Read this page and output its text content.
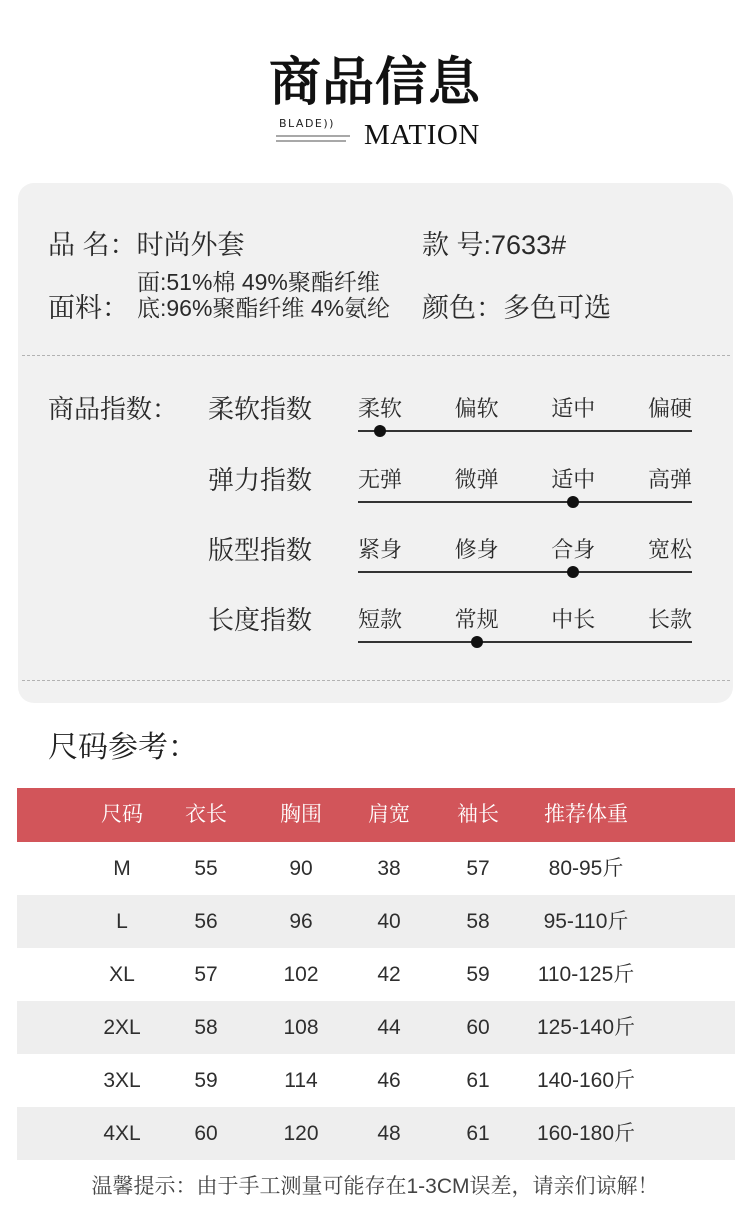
商品信息
BLADE)) MATION
品 名：时尚外套	款 号:7633#
面料：
面:51%棉 49%聚酯纤维
底:96%聚酯纤维 4%氨纶 颜色：多色可选
商品指数： 柔软指数	柔软	偏软	适中	偏硬
弹力指数	无弹	微弹	适中	高弹
版型指数	紧身	修身	合身	宽松
长度指数	短款	常规	中长	长款
尺码参考：
尺码	衣长	胸围	肩宽	袖长	推荐体重
M	55	90	38	57	80-95斤
L	56	96	40	58	95-110斤
XL	57	102	42	59	110-125斤
2XL	58	108	44	60	125-140斤
3XL	59	114	46	61	140-160斤
4XL	60	120	48	61	160-180斤
温馨提示：由于手工测量可能存在1-3CM误差，请亲们谅解！
